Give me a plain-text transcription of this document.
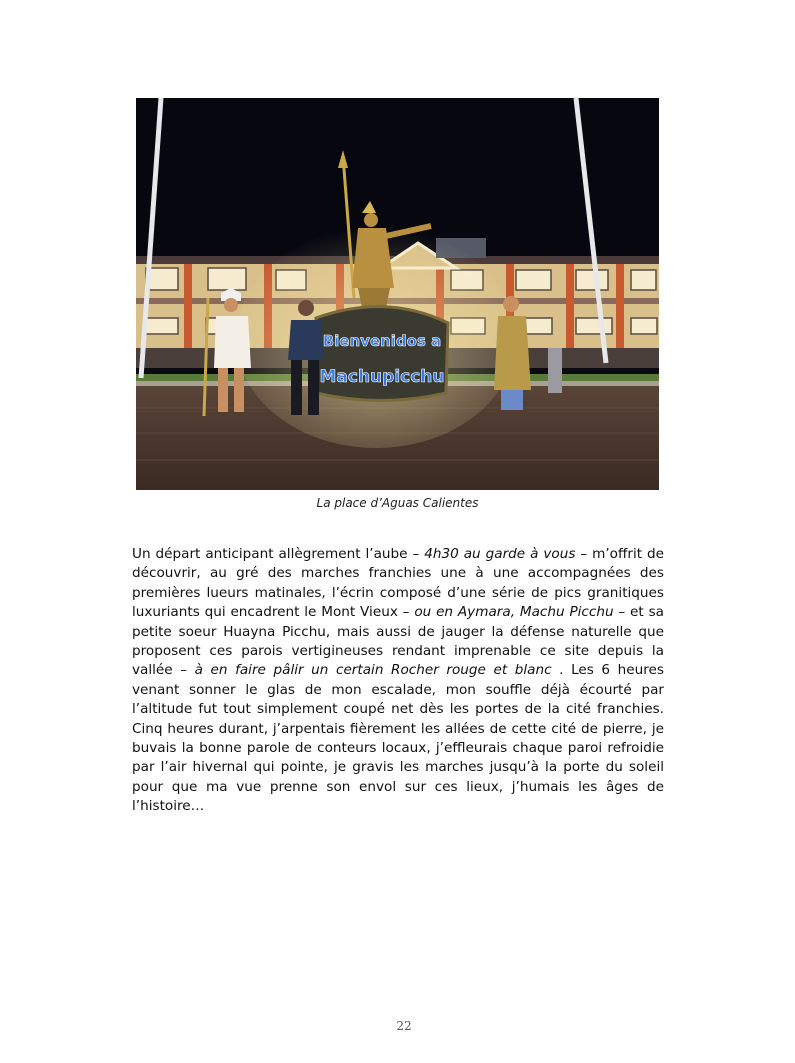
Bienvenidos a
Machupicchu
La place d’Aguas Calientes

Un départ anticipant allègrement l’aube – 4h30 au garde à vous – m’offrit de découvrir, au gré des marches franchies une à une accompagnées des premières lueurs matinales, l’écrin composé d’une série de pics granitiques luxuriants qui encadrent le Mont Vieux – ou en Aymara, Machu Picchu – et sa petite soeur Huayna Picchu, mais aussi de jauger la défense naturelle que proposent ces parois vertigineuses rendant imprenable ce site depuis la vallée – à en faire pâlir un certain Rocher rouge et blanc . Les 6 heures venant sonner le glas de mon escalade, mon souffle déjà écourté par l’altitude fut tout simplement coupé net dès les portes de la cité franchies. Cinq heures durant, j’arpentais fièrement les allées de cette cité de pierre, je buvais la bonne parole de conteurs locaux, j’effleurais chaque paroi refroidie par l’air hivernal qui pointe, je gravis les marches jusqu’à la porte du soleil pour que ma vue prenne son envol sur ces lieux, j’humais les âges de l’histoire…

22
